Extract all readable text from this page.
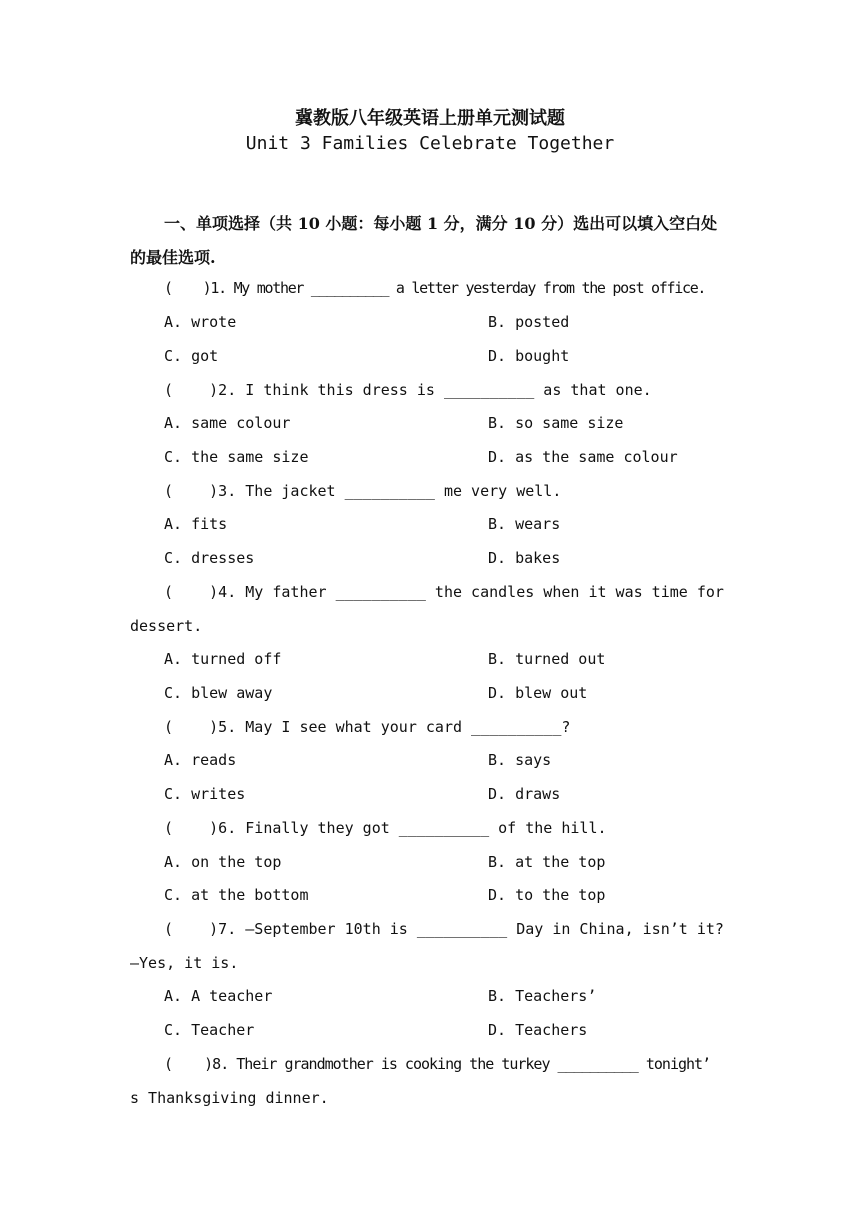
冀教版八年级英语上册单元测试题
Unit 3 Families Celebrate Together
一、单项选择（共 10 小题：每小题 1 分，满分 10 分）选出可以填入空白处的最佳选项.
(    )1. My mother __________ a letter yesterday from the post office.
A. wrote	B. posted
C. got	D. bought
(    )2. I think this dress is __________ as that one.
A. same colour	B. so same size
C. the same size	D. as the same colour
(    )3. The jacket __________ me very well.
A. fits	B. wears
C. dresses	D. bakes
(    )4. My father __________ the candles when it was time for
dessert.
A. turned off	B. turned out
C. blew away	D. blew out
(    )5. May I see what your card __________?
A. reads	B. says
C. writes	D. draws
(    )6. Finally they got __________ of the hill.
A. on the top	B. at the top
C. at the bottom	D. to the top
(    )7. —September 10th is __________ Day in China, isn’t it?
—Yes, it is.
A. A teacher	B. Teachers’
C. Teacher	D. Teachers
(    )8. Their grandmother is cooking the turkey __________ tonight’
s Thanksgiving dinner.
